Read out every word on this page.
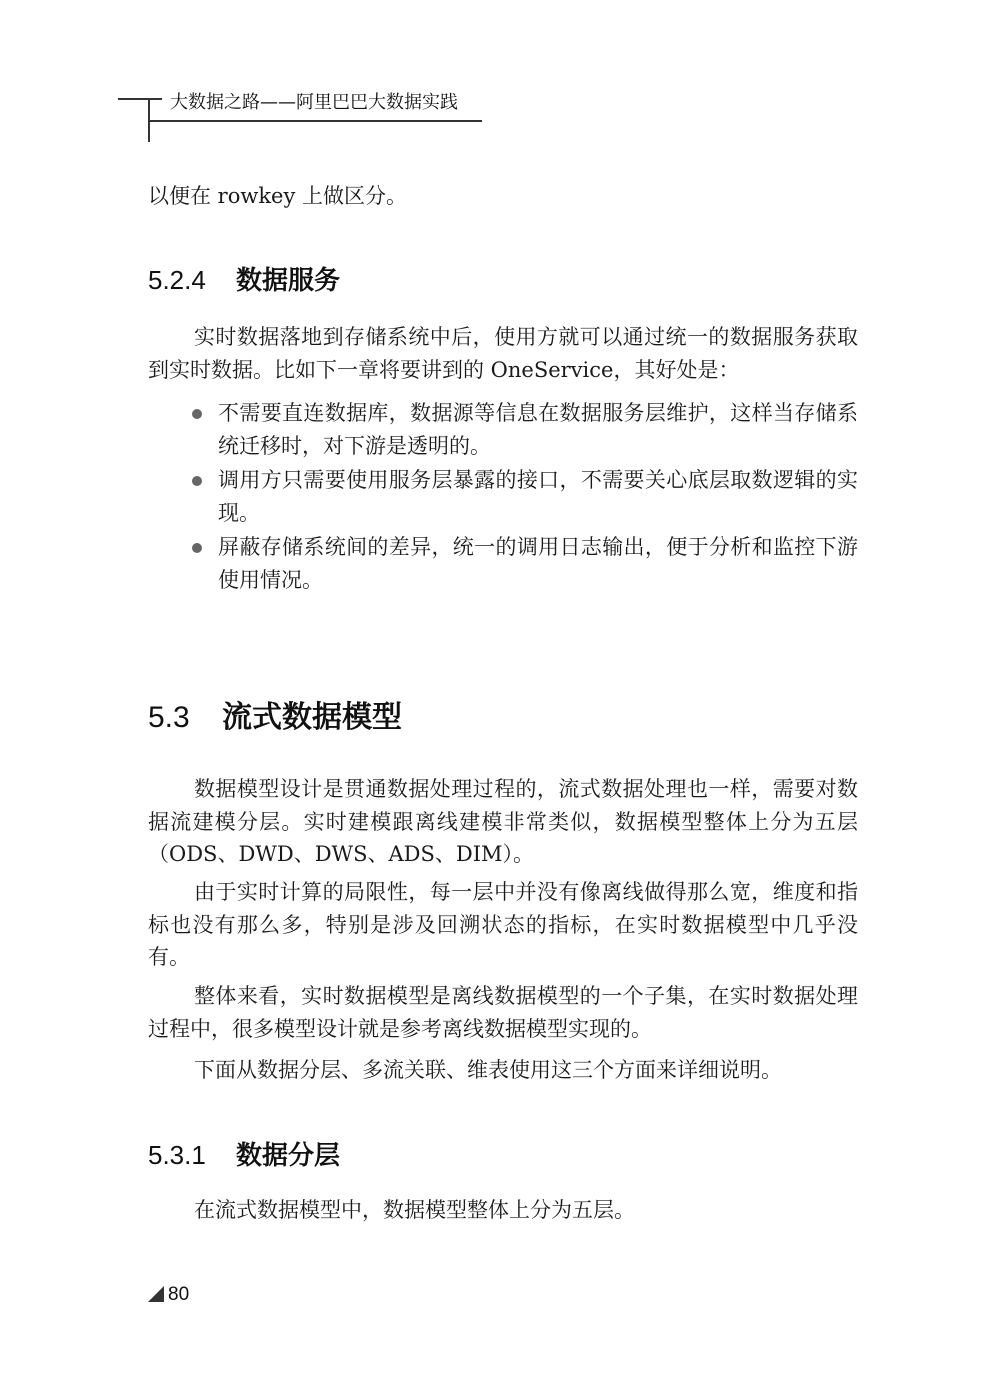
大数据之路——阿里巴巴大数据实践

以便在 rowkey 上做区分。

5.2.4 数据服务

实时数据落地到存储系统中后，使用方就可以通过统一的数据服务获取到实时数据。比如下一章将要讲到的 OneService，其好处是：

不需要直连数据库，数据源等信息在数据服务层维护，这样当存储系统迁移时，对下游是透明的。
调用方只需要使用服务层暴露的接口，不需要关心底层取数逻辑的实现。
屏蔽存储系统间的差异，统一的调用日志输出，便于分析和监控下游使用情况。
5.3 流式数据模型

数据模型设计是贯通数据处理过程的，流式数据处理也一样，需要对数据流建模分层。实时建模跟离线建模非常类似，数据模型整体上分为五层（ODS、DWD、DWS、ADS、DIM）。

由于实时计算的局限性，每一层中并没有像离线做得那么宽，维度和指标也没有那么多，特别是涉及回溯状态的指标，在实时数据模型中几乎没有。

整体来看，实时数据模型是离线数据模型的一个子集，在实时数据处理过程中，很多模型设计就是参考离线数据模型实现的。

下面从数据分层、多流关联、维表使用这三个方面来详细说明。

5.3.1 数据分层

在流式数据模型中，数据模型整体上分为五层。

80
